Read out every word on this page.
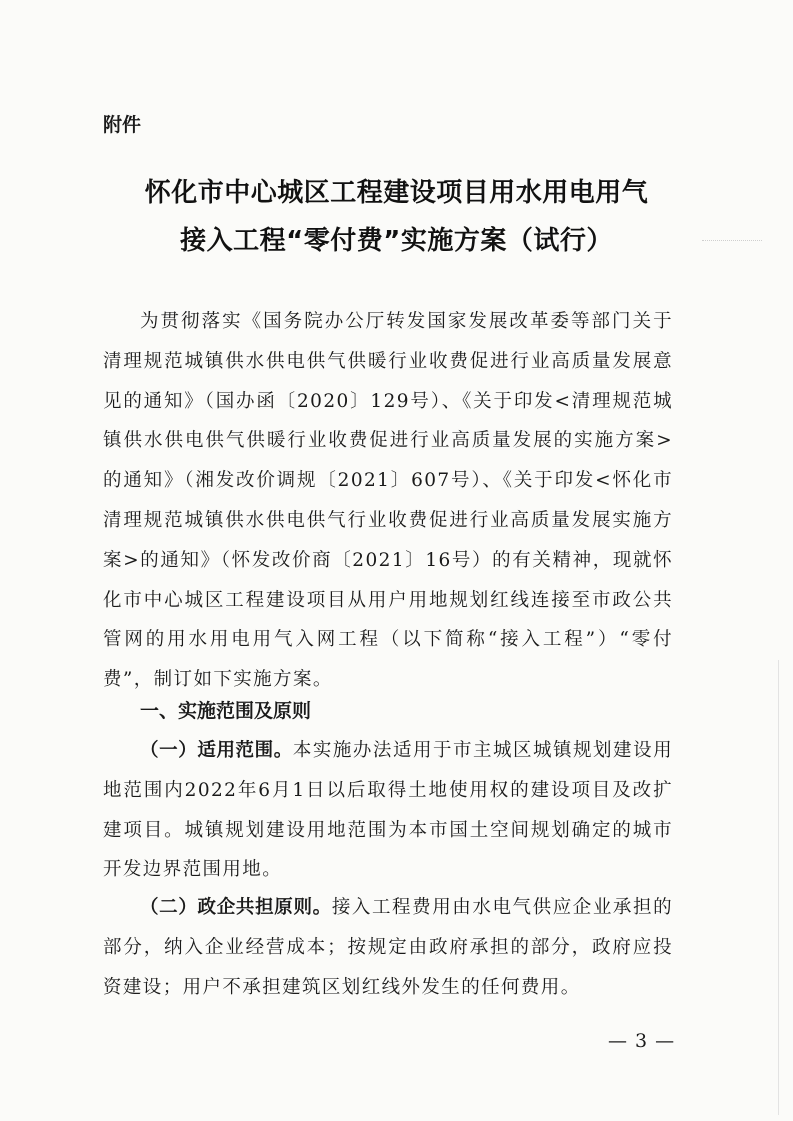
附件
怀化市中心城区工程建设项目用水用电用气
接入工程“零付费”实施方案（试行）
为贯彻落实《国务院办公厅转发国家发展改革委等部门关于清理规范城镇供水供电供气供暖行业收费促进行业高质量发展意见的通知》（国办函〔2020〕129号）、《关于印发<清理规范城镇供水供电供气供暖行业收费促进行业高质量发展的实施方案>的通知》（湘发改价调规〔2021〕607号）、《关于印发<怀化市清理规范城镇供水供电供气行业收费促进行业高质量发展实施方案>的通知》（怀发改价商〔2021〕16号）的有关精神，现就怀化市中心城区工程建设项目从用户用地规划红线连接至市政公共管网的用水用电用气入网工程（以下简称“接入工程”）“零付费”，制订如下实施方案。
一、实施范围及原则
（一）适用范围。本实施办法适用于市主城区城镇规划建设用地范围内2022年6月1日以后取得土地使用权的建设项目及改扩建项目。城镇规划建设用地范围为本市国土空间规划确定的城市开发边界范围用地。
（二）政企共担原则。接入工程费用由水电气供应企业承担的部分，纳入企业经营成本；按规定由政府承担的部分，政府应投资建设；用户不承担建筑区划红线外发生的任何费用。
— 3 —
